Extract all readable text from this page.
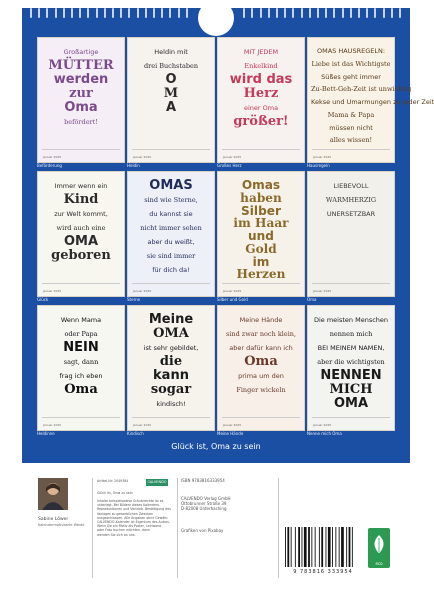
Großartige
MÜTTER
werden
zur
Oma
befördert!
Januar 2025
Beförderung
Heldin mit
drei Buchstaben
O
M
A
Januar 2025
Heldin
MIT JEDEM
Enkelkind
wird das
Herz
einer Oma
größer!
Januar 2025
Großes Herz
OMAS HAUSREGELN:
Liebe ist das Wichtigste
Süßes geht immer
Zu-Bett-Geh-Zeit ist unwichtig
Kekse und Umarmungen zu jeder Zeit
Mama & Papa
müssen nicht
alles wissen!
Januar 2025
Hausregeln
Immer wenn ein
Kind
zur Welt kommt,
wird auch eine
OMA
geboren
Januar 2025
Glück
OMAS
sind wie Sterne,
du kannst sie
nicht immer sehen
aber du weißt,
sie sind immer
für dich da!
Januar 2025
Sterne
Omas
haben
Silber
im Haar
und
Gold
im
Herzen
Januar 2025
Silber und Gold
LIEBEVOLL
WARMHERZIG
UNERSETZBAR
Januar 2025
Oma
Wenn Mama
oder Papa
NEIN
sagt, dann
frag ich eben
Oma
Januar 2025
Heldinne
Meine
OMA
ist sehr gebildet,
die
kann
sogar
kindisch!
Januar 2025
Kindisch
Meine Hände
sind zwar noch klein,
aber dafür kann ich
Oma
prima um den
Finger wickeln
Januar 2025
Meine Hände
Die meisten Menschen
nennen mich
BEI MEINEM NAMEN,
aber die wichtigsten
NENNEN
MICH
OMA
Januar 2025
Nenne mich Oma
Glück ist, Oma zu sein
Sabine Löwer
Kalendermotivkarte Weide
Artikel-Nr: 2049384	CALVENDO
Glück ist, Oma zu sein
Inhalte beispielsweise Schutzrechte ist es
unterlegt. Bei Bildern dieses Kalenders
Reproduktionen und Vertrieb. Bestätigung des
Verlages zu gewerblichen Zwecken
ausgeschlossen. Alle Angaben ohne Gewähr.
CALVENDO-Kalender ist Eigentum des Autors.
Wenn Sie ein Motiv als Poster, Leinwand
oder Foto buchen möchten, dann
wenden Sie sich an uns.
ISBN 9783816333954
CALVENDO Verlag GmbH
Ottobrunner Straße 39
D-82008 Unterhaching
Grafiken von Pixabay
9 783816 333954
eco
